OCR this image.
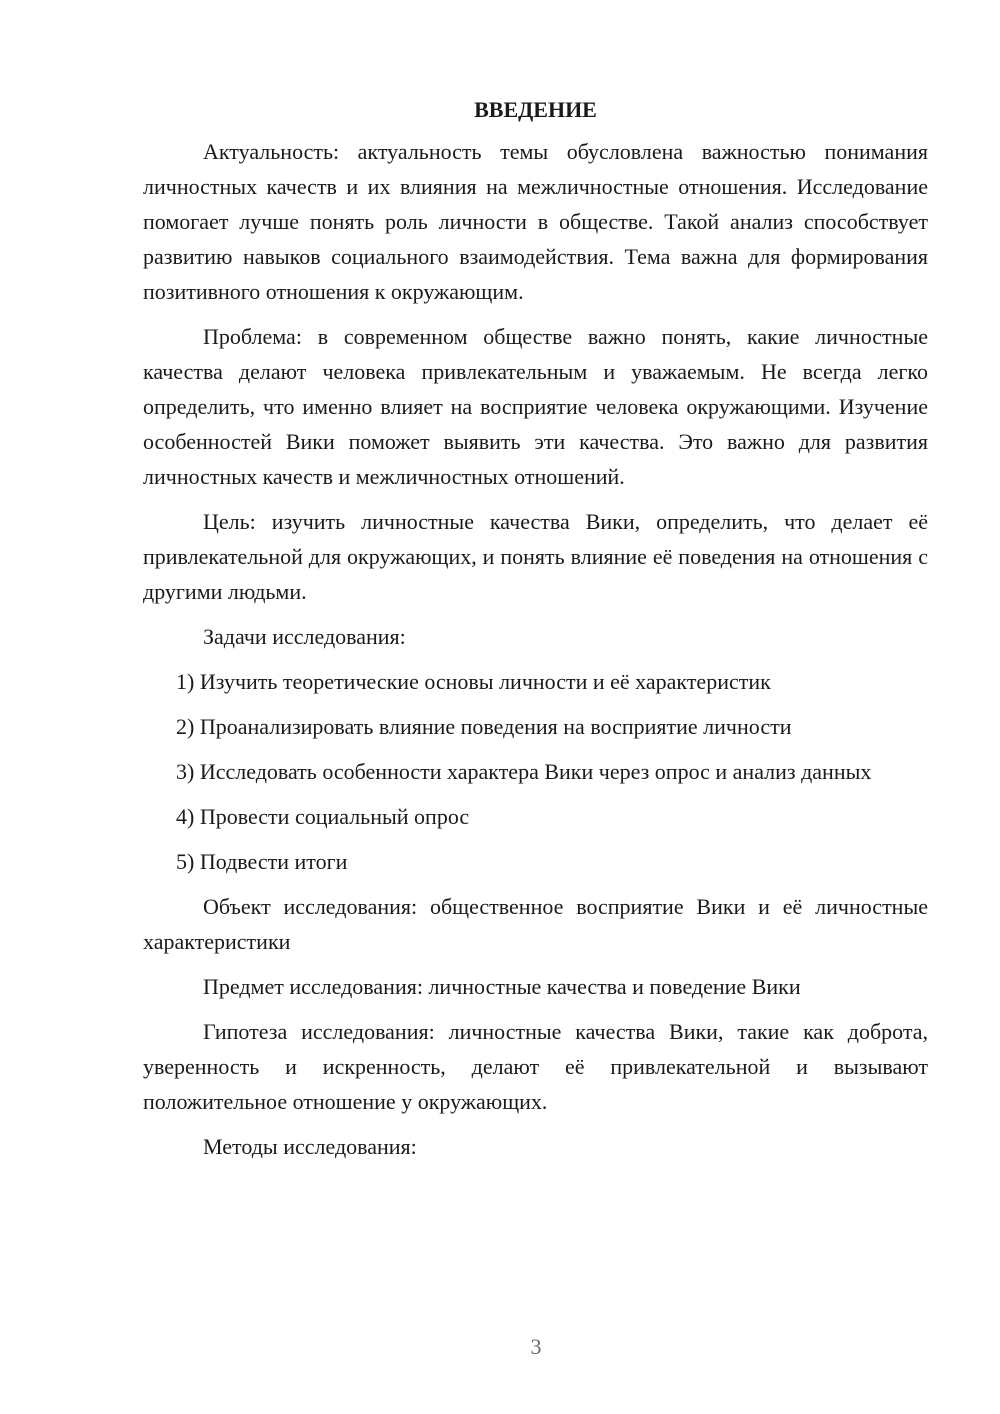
ВВЕДЕНИЕ

Актуальность: актуальность темы обусловлена важностью понимания личностных качеств и их влияния на межличностные отношения. Исследование помогает лучше понять роль личности в обществе. Такой анализ способствует развитию навыков социального взаимодействия. Тема важна для формирования позитивного отношения к окружающим.

Проблема: в современном обществе важно понять, какие личностные качества делают человека привлекательным и уважаемым. Не всегда легко определить, что именно влияет на восприятие человека окружающими. Изучение особенностей Вики поможет выявить эти качества. Это важно для развития личностных качеств и межличностных отношений.

Цель: изучить личностные качества Вики, определить, что делает её привлекательной для окружающих, и понять влияние её поведения на отношения с другими людьми.

Задачи исследования:

1) Изучить теоретические основы личности и её характеристик

2) Проанализировать влияние поведения на восприятие личности

3) Исследовать особенности характера Вики через опрос и анализ данных

4) Провести социальный опрос

5) Подвести итоги

Объект исследования: общественное восприятие Вики и её личностные характеристики

Предмет исследования: личностные качества и поведение Вики

Гипотеза исследования: личностные качества Вики, такие как доброта, уверенность и искренность, делают её привлекательной и вызывают положительное отношение у окружающих.

Методы исследования:

3
